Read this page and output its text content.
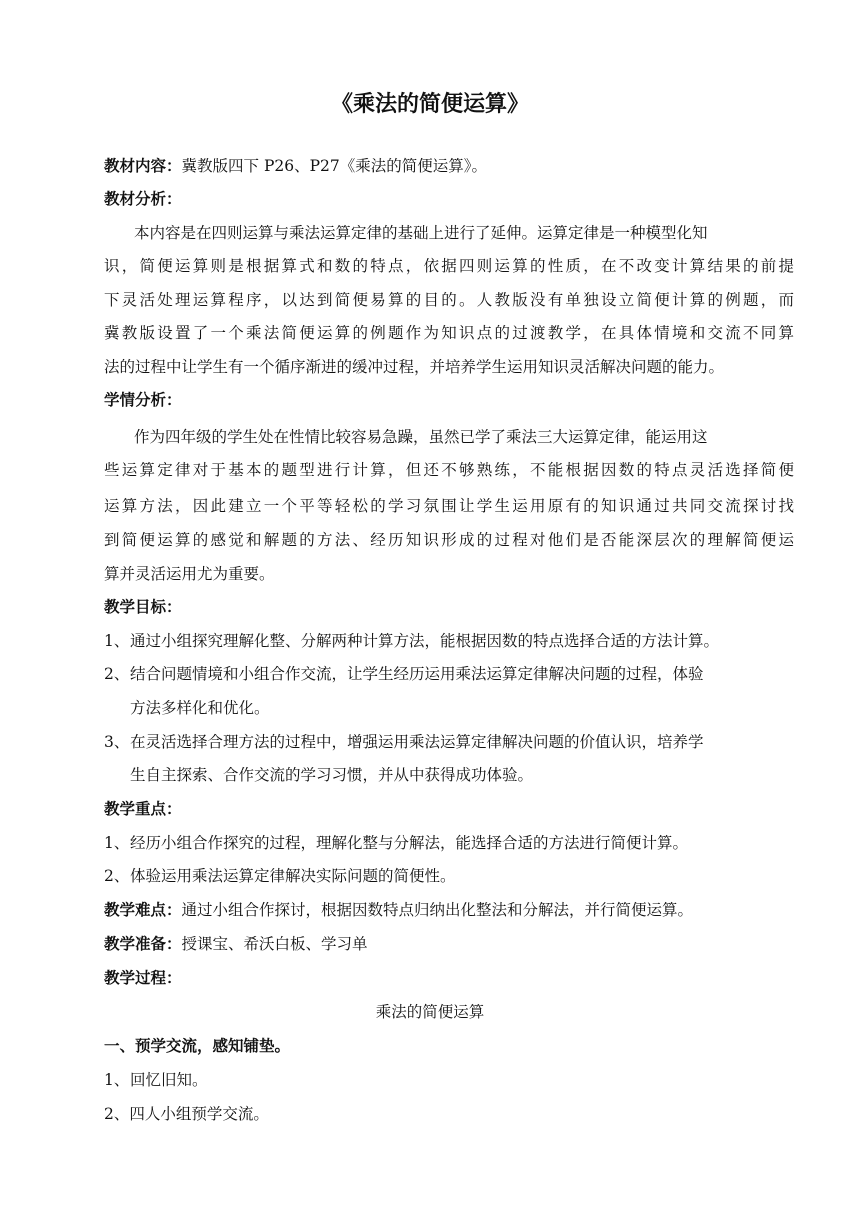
《乘法的简便运算》
教材内容：冀教版四下 P26、P27《乘法的简便运算》。
教材分析：
本内容是在四则运算与乘法运算定律的基础上进行了延伸。运算定律是一种模型化知
识，简便运算则是根据算式和数的特点，依据四则运算的性质，在不改变计算结果的前提
下灵活处理运算程序，以达到简便易算的目的。人教版没有单独设立简便计算的例题，而
冀教版设置了一个乘法简便运算的例题作为知识点的过渡教学，在具体情境和交流不同算
法的过程中让学生有一个循序渐进的缓冲过程，并培养学生运用知识灵活解决问题的能力。
学情分析：
作为四年级的学生处在性情比较容易急躁，虽然已学了乘法三大运算定律，能运用这
些运算定律对于基本的题型进行计算，但还不够熟练，不能根据因数的特点灵活选择简便
运算方法，因此建立一个平等轻松的学习氛围让学生运用原有的知识通过共同交流探讨找
到简便运算的感觉和解题的方法、经历知识形成的过程对他们是否能深层次的理解简便运
算并灵活运用尤为重要。
教学目标：
1、通过小组探究理解化整、分解两种计算方法，能根据因数的特点选择合适的方法计算。
2、结合问题情境和小组合作交流，让学生经历运用乘法运算定律解决问题的过程，体验
方法多样化和优化。
3、在灵活选择合理方法的过程中，增强运用乘法运算定律解决问题的价值认识，培养学
生自主探索、合作交流的学习习惯，并从中获得成功体验。
教学重点：
1、经历小组合作探究的过程，理解化整与分解法，能选择合适的方法进行简便计算。
2、体验运用乘法运算定律解决实际问题的简便性。
教学难点：通过小组合作探讨，根据因数特点归纳出化整法和分解法，并行简便运算。
教学准备：授课宝、希沃白板、学习单
教学过程：
乘法的简便运算
一、预学交流，感知铺垫。
1、回忆旧知。
2、四人小组预学交流。
